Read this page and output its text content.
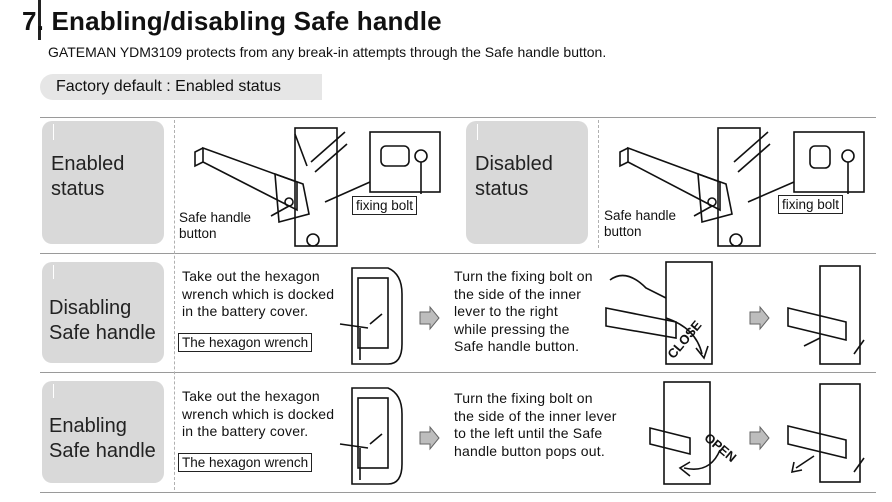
7. Enabling/disabling Safe handle
GATEMAN YDM3109 protects from any break-in attempts through the Safe handle button.
Factory default : Enabled status
Enabled
status
Safe handle
button
fixing bolt
Disabled
status
Safe handle
button
fixing bolt
Disabling
Safe handle
Take out the hexagon
wrench which is docked
in the battery cover.
The hexagon wrench
Turn the fixing bolt on
the side of the inner
lever to the right
while pressing the
Safe handle button.	CLOSE
Enabling
Safe handle
Take out the hexagon
wrench which is docked
in the battery cover.
The hexagon wrench
Turn the fixing bolt on
the side of the inner lever
to the left until the Safe
handle button pops out.	OPEN
